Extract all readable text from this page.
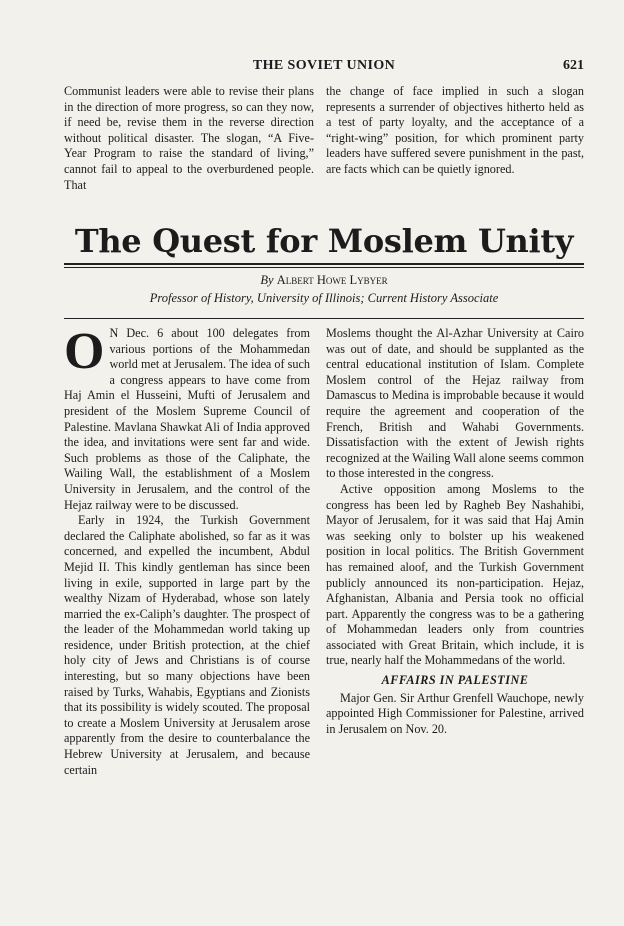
THE SOVIET UNION	621

Communist leaders were able to revise their plans in the direction of more progress, so can they now, if need be, revise them in the reverse direction without political disaster. The slogan, “A Five-Year Program to raise the standard of living,” cannot fail to appeal to the overburdened people. That

the change of face implied in such a slogan represents a surrender of objectives hitherto held as a test of party loyalty, and the acceptance of a “right-wing” position, for which prominent party leaders have suffered severe punishment in the past, are facts which can be quietly ignored.

The Quest for Moslem Unity
By Albert Howe Lybyer
Professor of History, University of Illinois; Current History Associate

O N Dec. 6 about 100 delegates from various portions of the Mohammedan world met at Jerusalem. The idea of such a congress appears to have come from Haj Amin el Husseini, Mufti of Jerusalem and president of the Moslem Supreme Council of Palestine. Mavlana Shawkat Ali of India approved the idea, and invitations were sent far and wide. Such problems as those of the Caliphate, the Wailing Wall, the establishment of a Moslem University in Jerusalem, and the control of the Hejaz railway were to be discussed.

Early in 1924, the Turkish Government declared the Caliphate abolished, so far as it was concerned, and expelled the incumbent, Abdul Mejid II. This kindly gentleman has since been living in exile, supported in large part by the wealthy Nizam of Hyderabad, whose son lately married the ex-Caliph’s daughter. The prospect of the leader of the Mohammedan world taking up residence, under British protection, at the chief holy city of Jews and Christians is of course interesting, but so many objections have been raised by Turks, Wahabis, Egyptians and Zionists that its possibility is widely scouted. The proposal to create a Moslem University at Jerusalem arose apparently from the desire to counterbalance the Hebrew University at Jerusalem, and because certain

Moslems thought the Al-Azhar University at Cairo was out of date, and should be supplanted as the central educational institution of Islam. Complete Moslem control of the Hejaz railway from Damascus to Medina is improbable because it would require the agreement and cooperation of the French, British and Wahabi Governments. Dissatisfaction with the extent of Jewish rights recognized at the Wailing Wall alone seems common to those interested in the congress.

Active opposition among Moslems to the congress has been led by Ragheb Bey Nashahibi, Mayor of Jerusalem, for it was said that Haj Amin was seeking only to bolster up his weakened position in local politics. The British Government has remained aloof, and the Turkish Government publicly announced its non-participation. Hejaz, Afghanistan, Albania and Persia took no official part. Apparently the congress was to be a gathering of Mohammedan leaders only from countries associated with Great Britain, which include, it is true, nearly half the Mohammedans of the world.

AFFAIRS IN PALESTINE

Major Gen. Sir Arthur Grenfell Wauchope, newly appointed High Commissioner for Palestine, arrived in Jerusalem on Nov. 20.
